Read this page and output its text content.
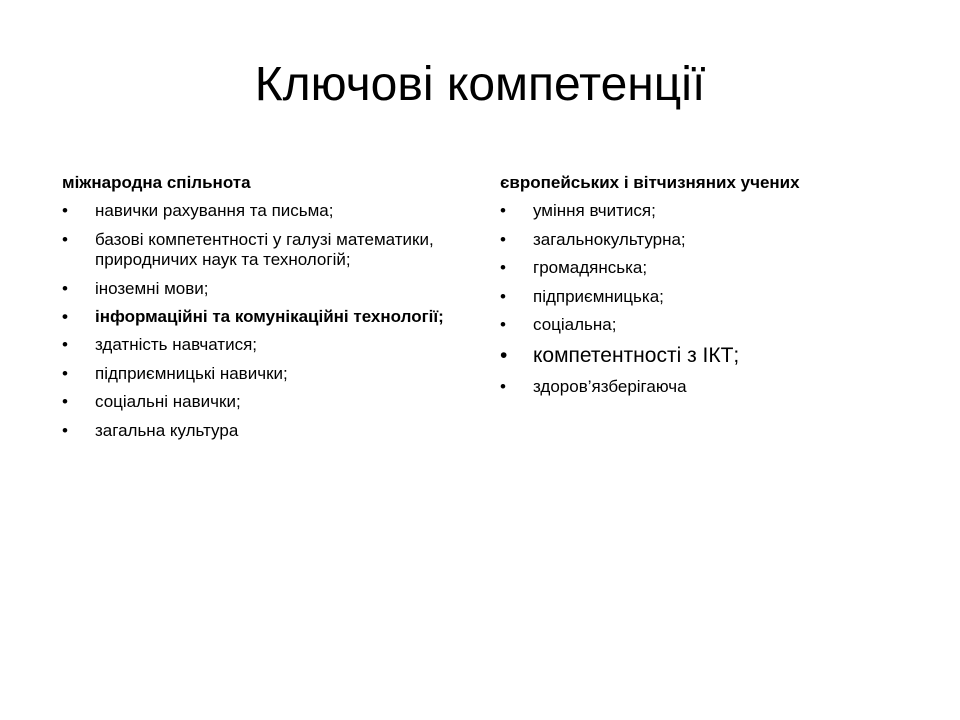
Ключові компетенції
міжнародна спільнота
•	навички рахування та письма;
•	базові компетентності у галузі математики, природничих наук та технологій;
•	іноземні мови;
•	інформаційні та комунікаційні технології;
•	здатність навчатися;
•	підприємницькі навички;
•	соціальні навички;
•	загальна культура
європейських і вітчизняних учених
•	уміння вчитися;
•	загальнокультурна;
•	громадянська;
•	підприємницька;
•	соціальна;
• компетентності з ІКТ;
•	здоров’язберігаюча
